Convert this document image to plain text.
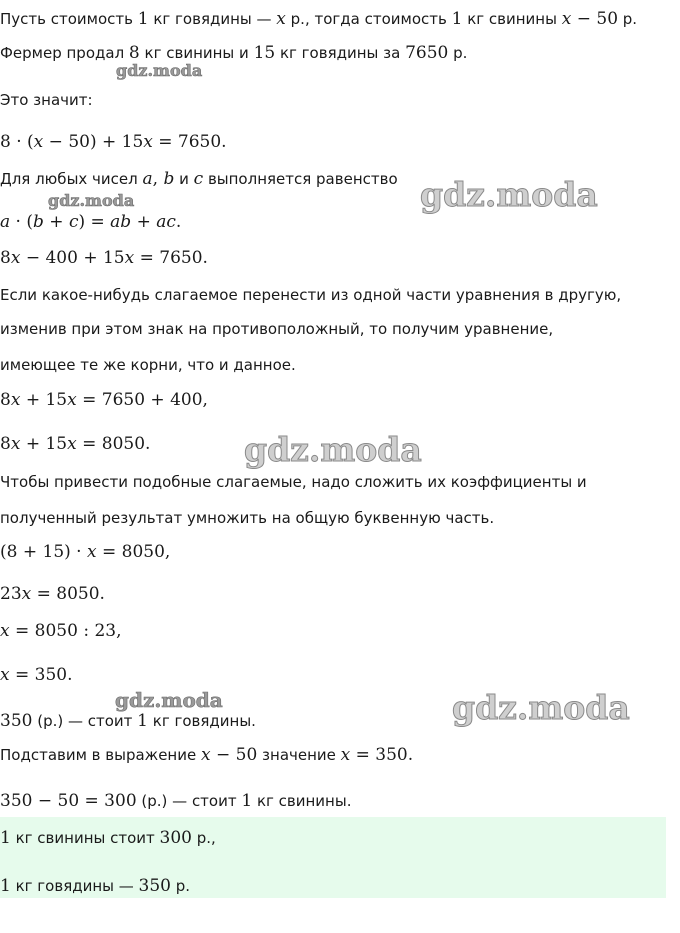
Пусть стоимость 1 кг говядины — x р., тогда стоимость 1 кг свинины x − 50 р.
Фермер продал 8 кг свинины и 15 кг говядины за 7650 р.
Это значит:
8 · (x − 50) + 15x = 7650.
Для любых чисел a, b и c выполняется равенство
a · (b + c) = ab + ac.
8x − 400 + 15x = 7650.
Если какое-нибудь слагаемое перенести из одной части уравнения в другую,
изменив при этом знак на противоположный, то получим уравнение,
имеющее те же корни, что и данное.
8x + 15x = 7650 + 400,
8x + 15x = 8050.
Чтобы привести подобные слагаемые, надо сложить их коэффициенты и
полученный результат умножить на общую буквенную часть.
(8 + 15) · x = 8050,
23x = 8050.
x = 8050 : 23,
x = 350.
350 (р.) — стоит 1 кг говядины.
Подставим в выражение x − 50 значение x = 350.
350 − 50 = 300 (р.) — стоит 1 кг свинины.
1 кг свинины стоит 300 р.,
1 кг говядины — 350 р.
gdz.moda
gdz.moda	gdz.moda
gdz.moda
gdz.moda	gdz.moda
